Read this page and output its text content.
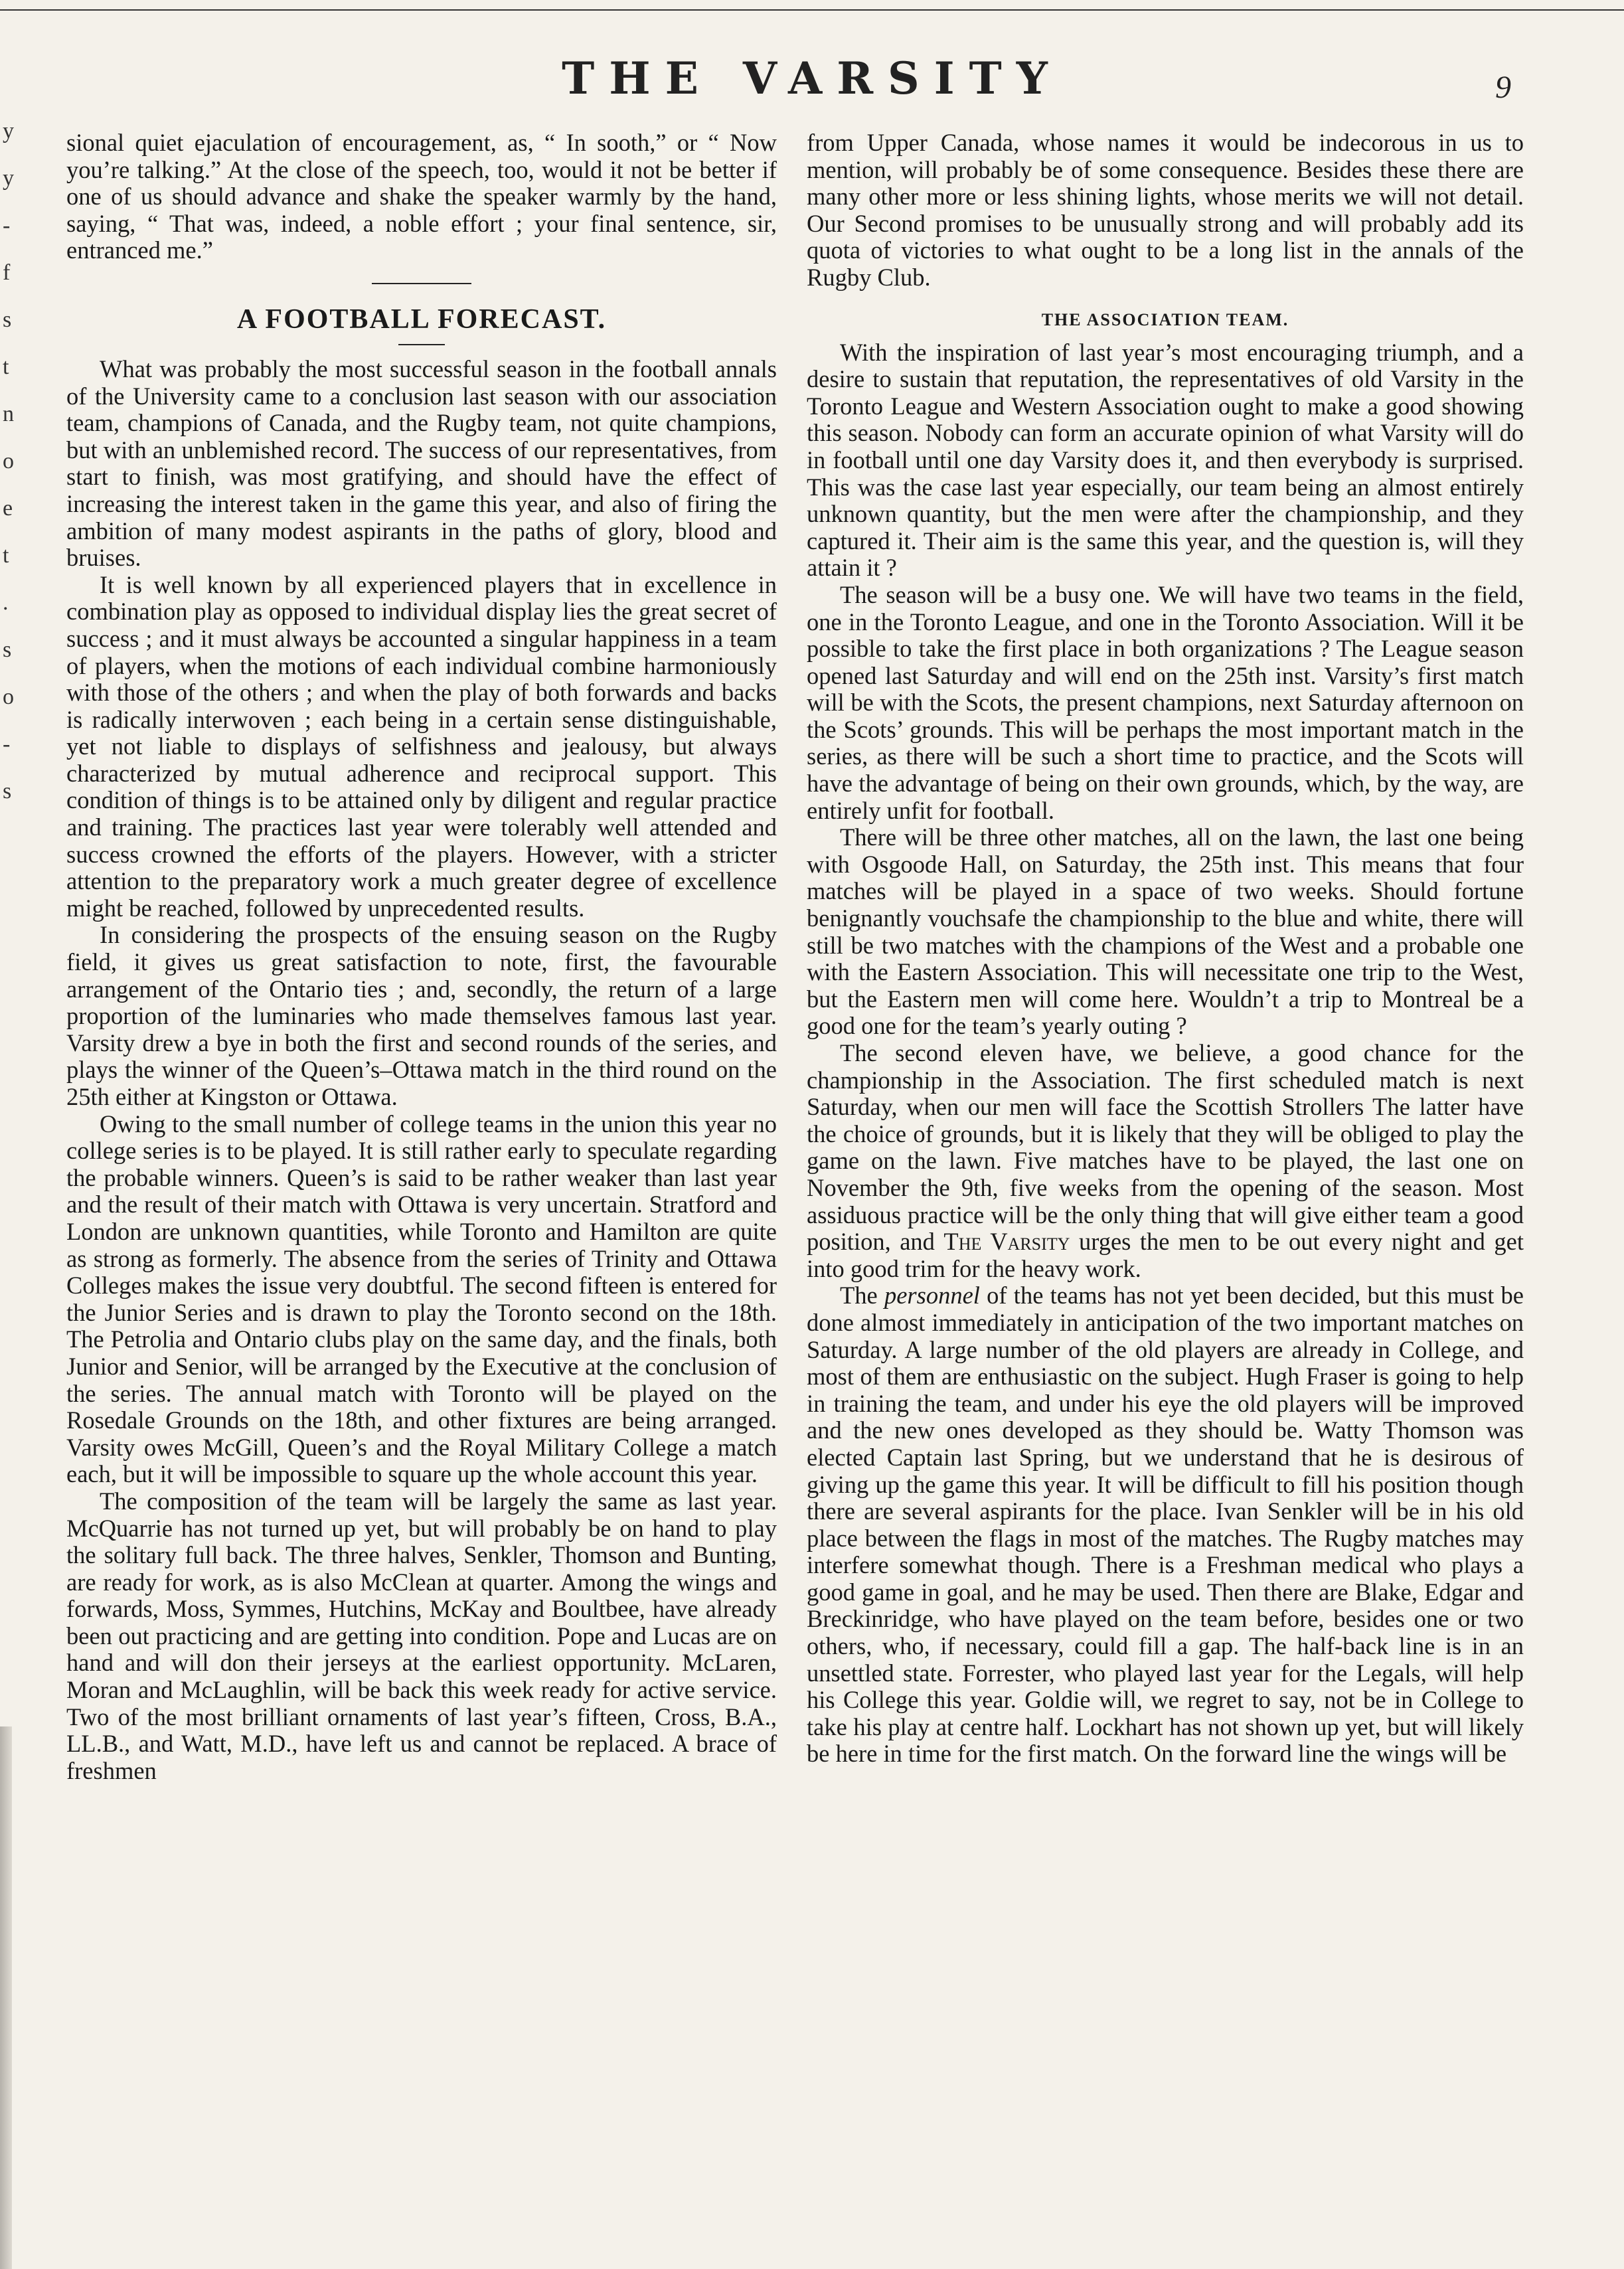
THE VARSITY	9
y
y
-
f
s
t
n
o
e
t
.
s
o
-
s

sional quiet ejaculation of encouragement, as, “ In sooth,” or “ Now you’re talking.” At the close of the speech, too, would it not be better if one of us should advance and shake the speaker warmly by the hand, saying, “ That was, indeed, a noble effort ; your final sentence, sir, entranced me.”

A FOOTBALL FORECAST.

What was probably the most successful season in the football annals of the University came to a conclusion last season with our association team, champions of Canada, and the Rugby team, not quite champions, but with an unblemished record. The success of our representatives, from start to finish, was most gratifying, and should have the effect of increasing the interest taken in the game this year, and also of firing the ambition of many modest aspirants in the paths of glory, blood and bruises.

It is well known by all experienced players that in excellence in combination play as opposed to individual display lies the great secret of success ; and it must always be accounted a singular happiness in a team of players, when the motions of each individual combine harmoniously with those of the others ; and when the play of both forwards and backs is radically interwoven ; each being in a certain sense distinguishable, yet not liable to displays of selfishness and jealousy, but always characterized by mutual adherence and reciprocal support. This condition of things is to be attained only by diligent and regular practice and training. The practices last year were tolerably well attended and success crowned the efforts of the players. However, with a stricter attention to the preparatory work a much greater degree of excellence might be reached, followed by unprecedented results.

In considering the prospects of the ensuing season on the Rugby field, it gives us great satisfaction to note, first, the favourable arrangement of the Ontario ties ; and, secondly, the return of a large proportion of the luminaries who made themselves famous last year. Varsity drew a bye in both the first and second rounds of the series, and plays the winner of the Queen’s–Ottawa match in the third round on the 25th either at Kingston or Ottawa.

Owing to the small number of college teams in the union this year no college series is to be played. It is still rather early to speculate regarding the probable winners. Queen’s is said to be rather weaker than last year and the result of their match with Ottawa is very uncertain. Stratford and London are unknown quantities, while Toronto and Hamilton are quite as strong as formerly. The absence from the series of Trinity and Ottawa Colleges makes the issue very doubtful. The second fifteen is entered for the Junior Series and is drawn to play the Toronto second on the 18th. The Petrolia and Ontario clubs play on the same day, and the finals, both Junior and Senior, will be arranged by the Executive at the conclusion of the series. The annual match with Toronto will be played on the Rosedale Grounds on the 18th, and other fixtures are being arranged. Varsity owes McGill, Queen’s and the Royal Military College a match each, but it will be impossible to square up the whole account this year.

The composition of the team will be largely the same as last year. McQuarrie has not turned up yet, but will probably be on hand to play the solitary full back. The three halves, Senkler, Thomson and Bunting, are ready for work, as is also McClean at quarter. Among the wings and forwards, Moss, Symmes, Hutchins, McKay and Boultbee, have already been out practicing and are getting into condition. Pope and Lucas are on hand and will don their jerseys at the earliest opportunity. McLaren, Moran and McLaughlin, will be back this week ready for active service. Two of the most brilliant ornaments of last year’s fifteen, Cross, B.A., LL.B., and Watt, M.D., have left us and cannot be replaced. A brace of freshmen

from Upper Canada, whose names it would be indecorous in us to mention, will probably be of some consequence. Besides these there are many other more or less shining lights, whose merits we will not detail. Our Second promises to be unusually strong and will probably add its quota of victories to what ought to be a long list in the annals of the Rugby Club.

THE ASSOCIATION TEAM.

With the inspiration of last year’s most encouraging triumph, and a desire to sustain that reputation, the representatives of old Varsity in the Toronto League and Western Association ought to make a good showing this season. Nobody can form an accurate opinion of what Varsity will do in football until one day Varsity does it, and then everybody is surprised. This was the case last year especially, our team being an almost entirely unknown quantity, but the men were after the championship, and they captured it. Their aim is the same this year, and the question is, will they attain it ?

The season will be a busy one. We will have two teams in the field, one in the Toronto League, and one in the Toronto Association. Will it be possible to take the first place in both organizations ? The League season opened last Saturday and will end on the 25th inst. Varsity’s first match will be with the Scots, the present champions, next Saturday afternoon on the Scots’ grounds. This will be perhaps the most important match in the series, as there will be such a short time to practice, and the Scots will have the advantage of being on their own grounds, which, by the way, are entirely unfit for football.

There will be three other matches, all on the lawn, the last one being with Osgoode Hall, on Saturday, the 25th inst. This means that four matches will be played in a space of two weeks. Should fortune benignantly vouchsafe the championship to the blue and white, there will still be two matches with the champions of the West and a probable one with the Eastern Association. This will necessitate one trip to the West, but the Eastern men will come here. Wouldn’t a trip to Montreal be a good one for the team’s yearly outing ?

The second eleven have, we believe, a good chance for the championship in the Association. The first scheduled match is next Saturday, when our men will face the Scottish Strollers The latter have the choice of grounds, but it is likely that they will be obliged to play the game on the lawn. Five matches have to be played, the last one on November the 9th, five weeks from the opening of the season. Most assiduous practice will be the only thing that will give either team a good position, and The Varsity urges the men to be out every night and get into good trim for the heavy work.

The personnel of the teams has not yet been decided, but this must be done almost immediately in anticipation of the two important matches on Saturday. A large number of the old players are already in College, and most of them are enthusiastic on the subject. Hugh Fraser is going to help in training the team, and under his eye the old players will be improved and the new ones developed as they should be. Watty Thomson was elected Captain last Spring, but we understand that he is desirous of giving up the game this year. It will be difficult to fill his position though there are several aspirants for the place. Ivan Senkler will be in his old place between the flags in most of the matches. The Rugby matches may interfere somewhat though. There is a Freshman medical who plays a good game in goal, and he may be used. Then there are Blake, Edgar and Breckinridge, who have played on the team before, besides one or two others, who, if necessary, could fill a gap. The half-back line is in an unsettled state. Forrester, who played last year for the Legals, will help his College this year. Goldie will, we regret to say, not be in College to take his play at centre half. Lockhart has not shown up yet, but will likely be here in time for the first match. On the forward line the wings will be
